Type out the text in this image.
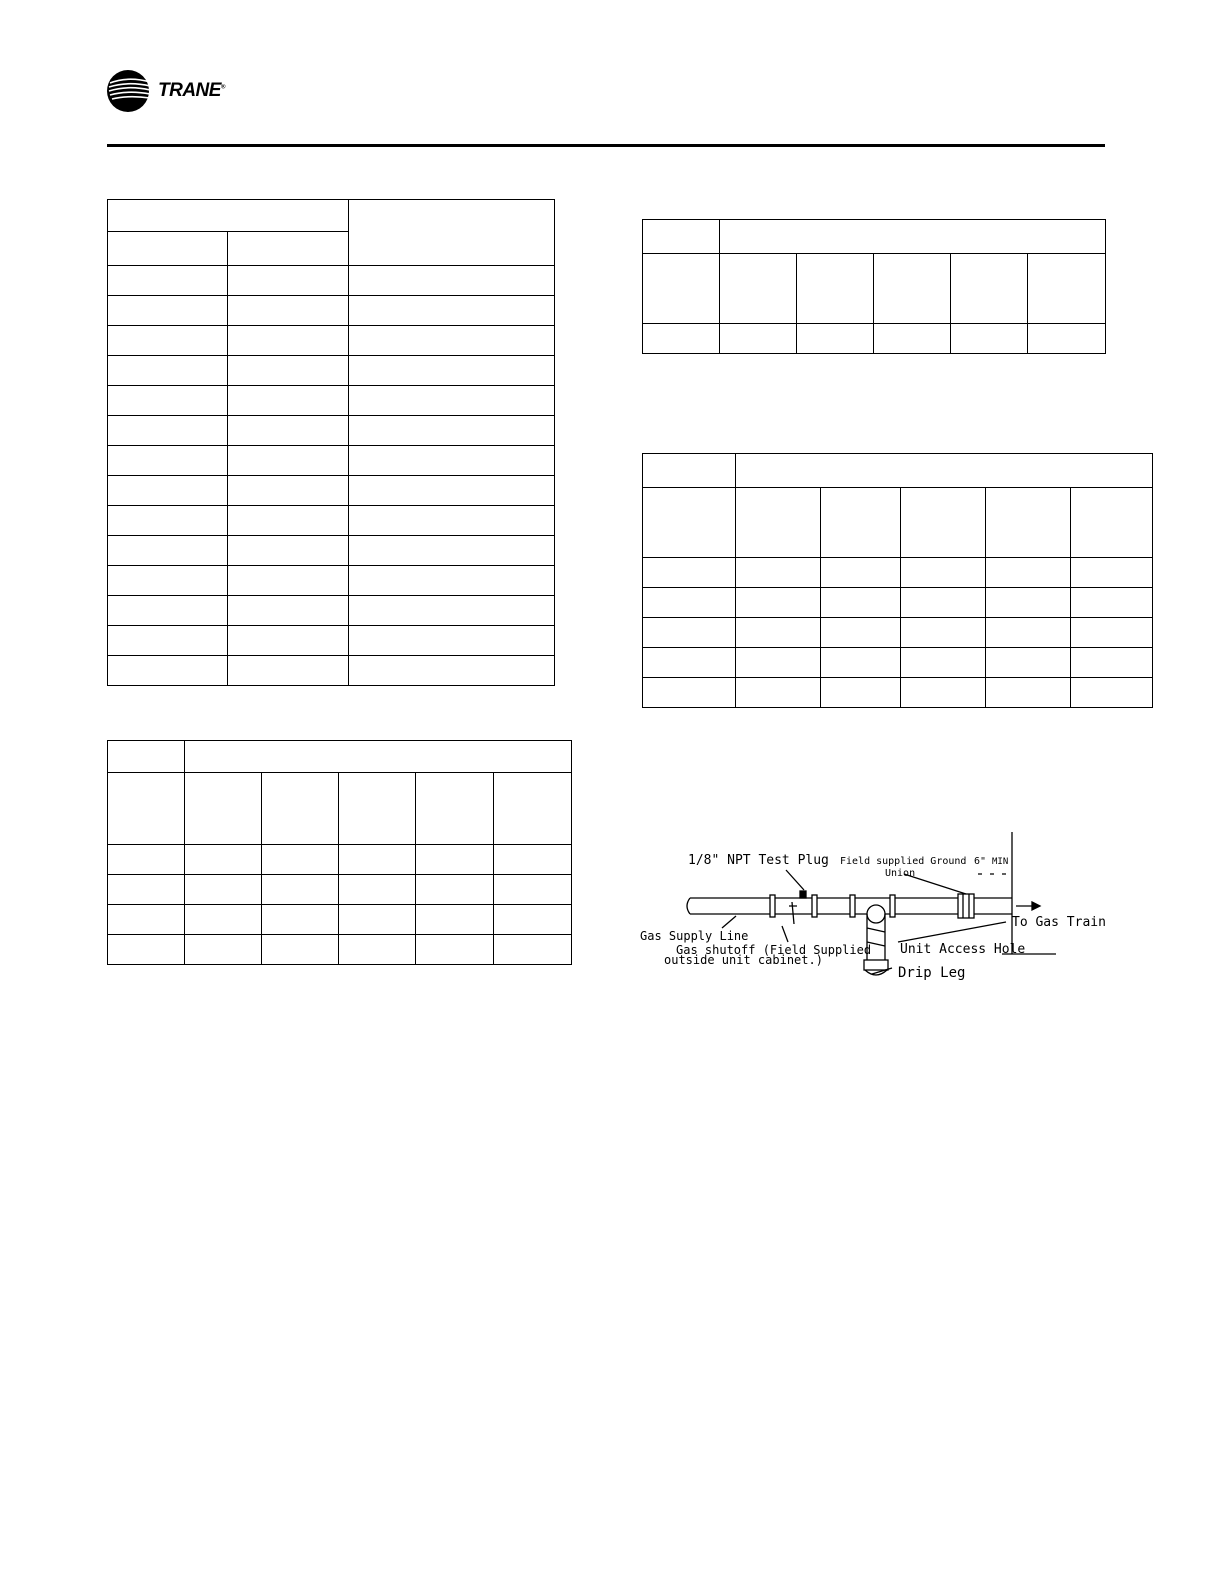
TRANE®

1/8" NPT Test Plug Field supplied Ground
Union
6" MIN
Gas Supply Line
Gas shutoff (Field Supplied
outside unit cabinet.)
Unit Access Hole
To Gas Train
Drip Leg
